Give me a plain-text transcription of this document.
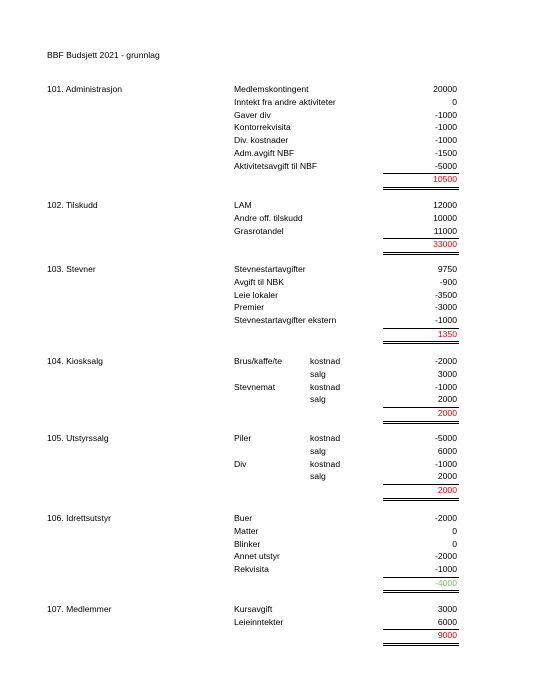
BBF Budsjett 2021 - grunnlag
101. Administrasjon	Medlemskontingent	20000
Inntekt fra andre aktiviteter	0
Gaver div	-1000
Kontorrekvisita	-1000
Div. kostnader	-1000
Adm.avgift NBF	-1500
Aktivitetsavgift til NBF	-5000
10500
102. Tilskudd	LAM	12000
Andre off. tilskudd	10000
Grasrotandel	11000
33000
103. Stevner	Stevnestartavgifter	9750
Avgift til NBK	-900
Leie lokaler	-3500
Premier	-3000
Stevnestartavgifter ekstern	-1000
1350
104. Kiosksalg	Brus/kaffe/te	kostnad	-2000
salg	3000
Stevnemat	kostnad	-1000
salg	2000
2000
105. Utstyrssalg	Piler	kostnad	-5000
salg	6000
Div	kostnad	-1000
salg	2000
2000
106. Idrettsutstyr	Buer	-2000
Matter	0
Blinker	0
Annet utstyr	-2000
Rekvisita	-1000
-4000
107. Medlemmer	Kursavgift	3000
Leieinntekter	6000
9000
